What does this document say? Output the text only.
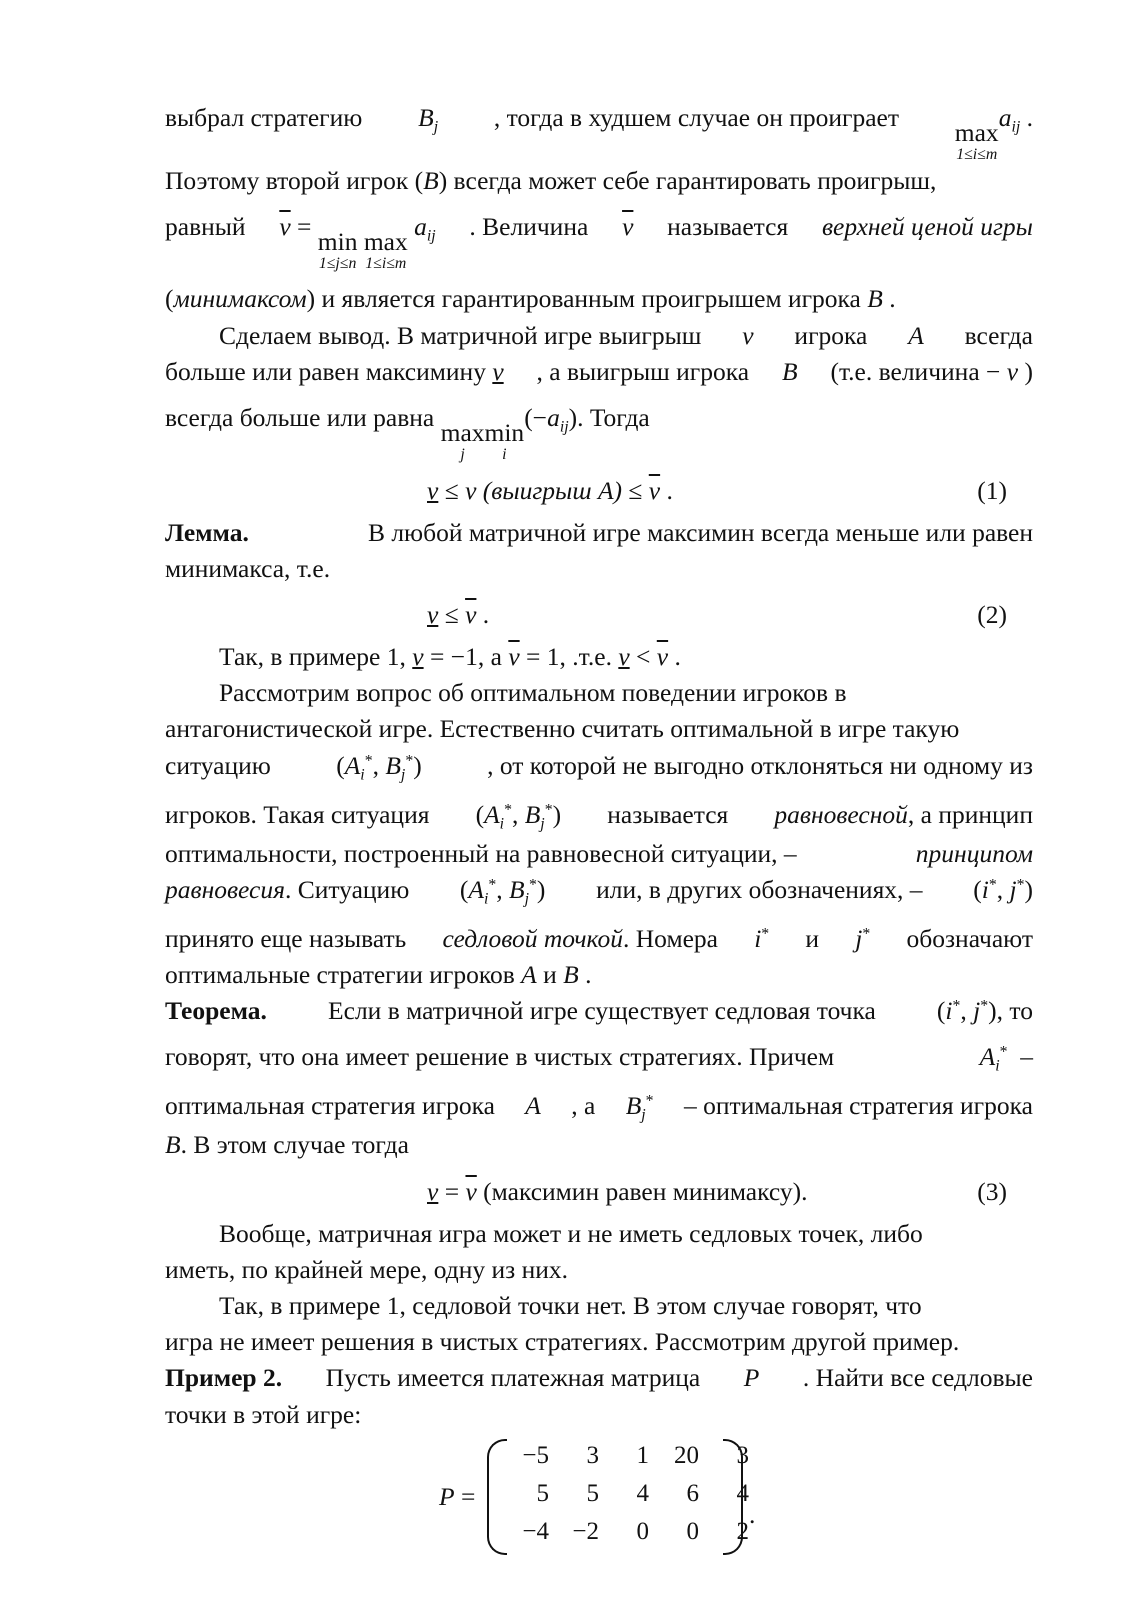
выбрал стратегию $B_j$ , тогда в худшем случае он проиграет
max
1≤i≤m
$a_{ij}$ .
Поэтому второй игрок (B) всегда может себе гарантировать проигрыш,
равный $\overline{v}$ =
min
1≤j≤n

max
1≤i≤m
$a_{ij}$ . Величина $\overline{v}$ называется верхней ценой игры
(минимаксом) и является гарантированным проигрышем игрока B .
Сделаем вывод. В матричной игре выигрыш v игрока A всегда
больше или равен максимину v , а выигрыш игрока B (т.е. величина − v )
всегда больше или равна
max
j
min
i
$(-a_{ij})$. Тогда
v ≤ v (выигрыш $A) \le \overline{v}$ .	(1)
Лемма.	В любой матричной игре максимин всегда меньше или равен
минимакса, т.е.
$v \le \overline{v}$ .	(2)
Так, в примере 1, v = −1, а $\overline{v} = 1$, .т.е. $v < \overline{v}$ .
Рассмотрим вопрос об оптимальном поведении игроков в
антагонистической игре. Естественно считать оптимальной в игре такую
ситуацию	($A_i^*$, $B_j^*$)	, от которой не выгодно отклоняться ни одному из
игроков. Такая ситуация ($A_i^*$, $B_j^*$) называется равновесной, а принцип
оптимальности, построенный на равновесной ситуации, –	принципом
равновесия. Ситуацию ($A_i^*$, $B_j^*$) или, в других обозначениях, – (i*, j*)
принято еще называть седловой точкой. Номера i* и j* обозначают
оптимальные стратегии игроков A и B .
Теорема. Если в матричной игре существует седловая точка (i*, j*), то
говорят, что она имеет решение в чистых стратегиях. Причем	$A_i^*$  –
оптимальная стратегия игрока A , а $B_j^*$ – оптимальная стратегия игрока
B. В этом случае тогда
$v = \overline{v}$ (максимин равен минимаксу).	(3)
Вообще, матричная игра может и не иметь седловых точек, либо
иметь, по крайней мере, одну из них.
Так, в примере 1, седловой точки нет. В этом случае говорят, что
игра не имеет решения в чистых стратегиях. Рассмотрим другой пример.
Пример 2. Пусть имеется платежная матрица P . Найти все седловые
точки в этой игре:
P =
−5	3	1	20	3
5	5	4	6	4
−4	−2	0	0	2
.
